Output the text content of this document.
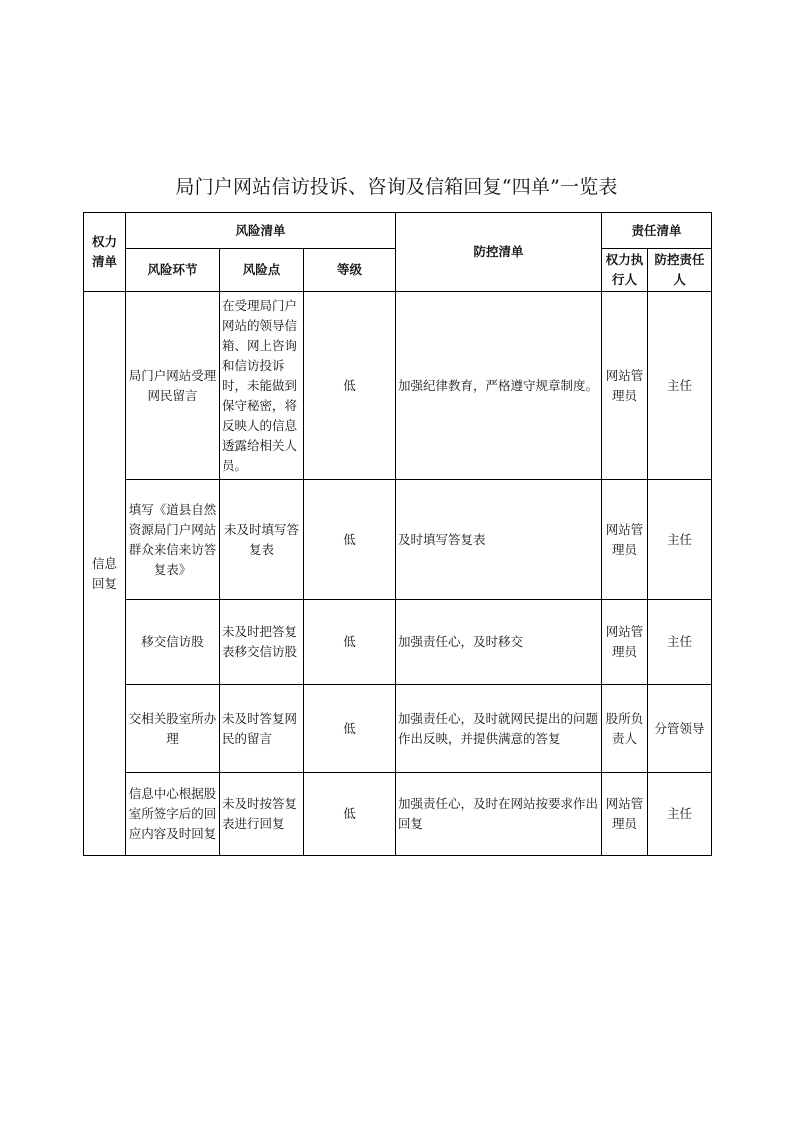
局门户网站信访投诉、咨询及信箱回复“四单”一览表
权力清单	风险清单			防控清单	责任清单	
	风险环节	风险点	等级		权力执行人	防控责任人
信息回复	局门户网站受理网民留言	在受理局门户网站的领导信箱、网上咨询和信访投诉时，未能做到保守秘密，将反映人的信息透露给相关人员。	低	加强纪律教育，严格遵守规章制度。	网站管理员	主任
	填写《道县自然资源局门户网站群众来信来访答复表》	未及时填写答复表	低	及时填写答复表	网站管理员	主任
	移交信访股	未及时把答复表移交信访股	低	加强责任心，及时移交	网站管理员	主任
	交相关股室所办理	未及时答复网民的留言	低	加强责任心，及时就网民提出的问题作出反映，并提供满意的答复	股所负责人	分管领导
	信息中心根据股室所签字后的回应内容及时回复	未及时按答复表进行回复	低	加强责任心，及时在网站按要求作出回复	网站管理员	主任
